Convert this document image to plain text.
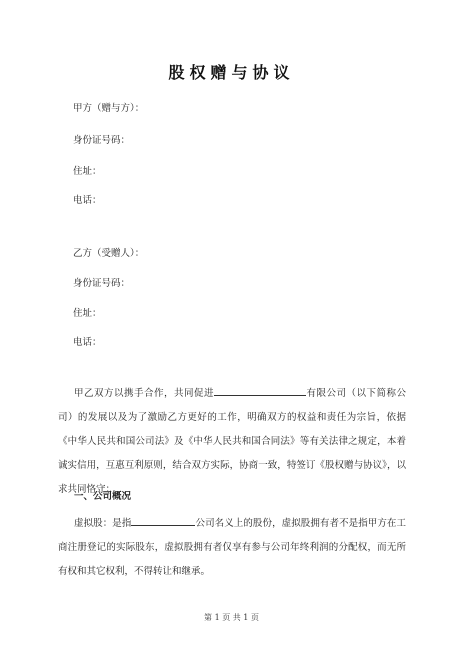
股权赠与协议
甲方（赠与方）：
身份证号码：
住址：
电话：
乙方（受赠人）：
身份证号码：
住址：
电话：
甲乙双方以携手合作，共同促进	有限公司（以下简称公司）的发展以及为了激励乙方更好的工作，明确双方的权益和责任为宗旨，依据《中华人民共和国公司法》及《中华人民共和国合同法》等有关法律之规定，本着诚实信用，互惠互利原则，结合双方实际，协商一致，特签订《股权赠与协议》，以求共同恪守：
一、公司概况
虚拟股：是指	公司名义上的股份，虚拟股拥有者不是指甲方在工商注册登记的实际股东，虚拟股拥有者仅享有参与公司年终利润的分配权，而无所有权和其它权利，不得转让和继承。
第 1 页 共 1 页
